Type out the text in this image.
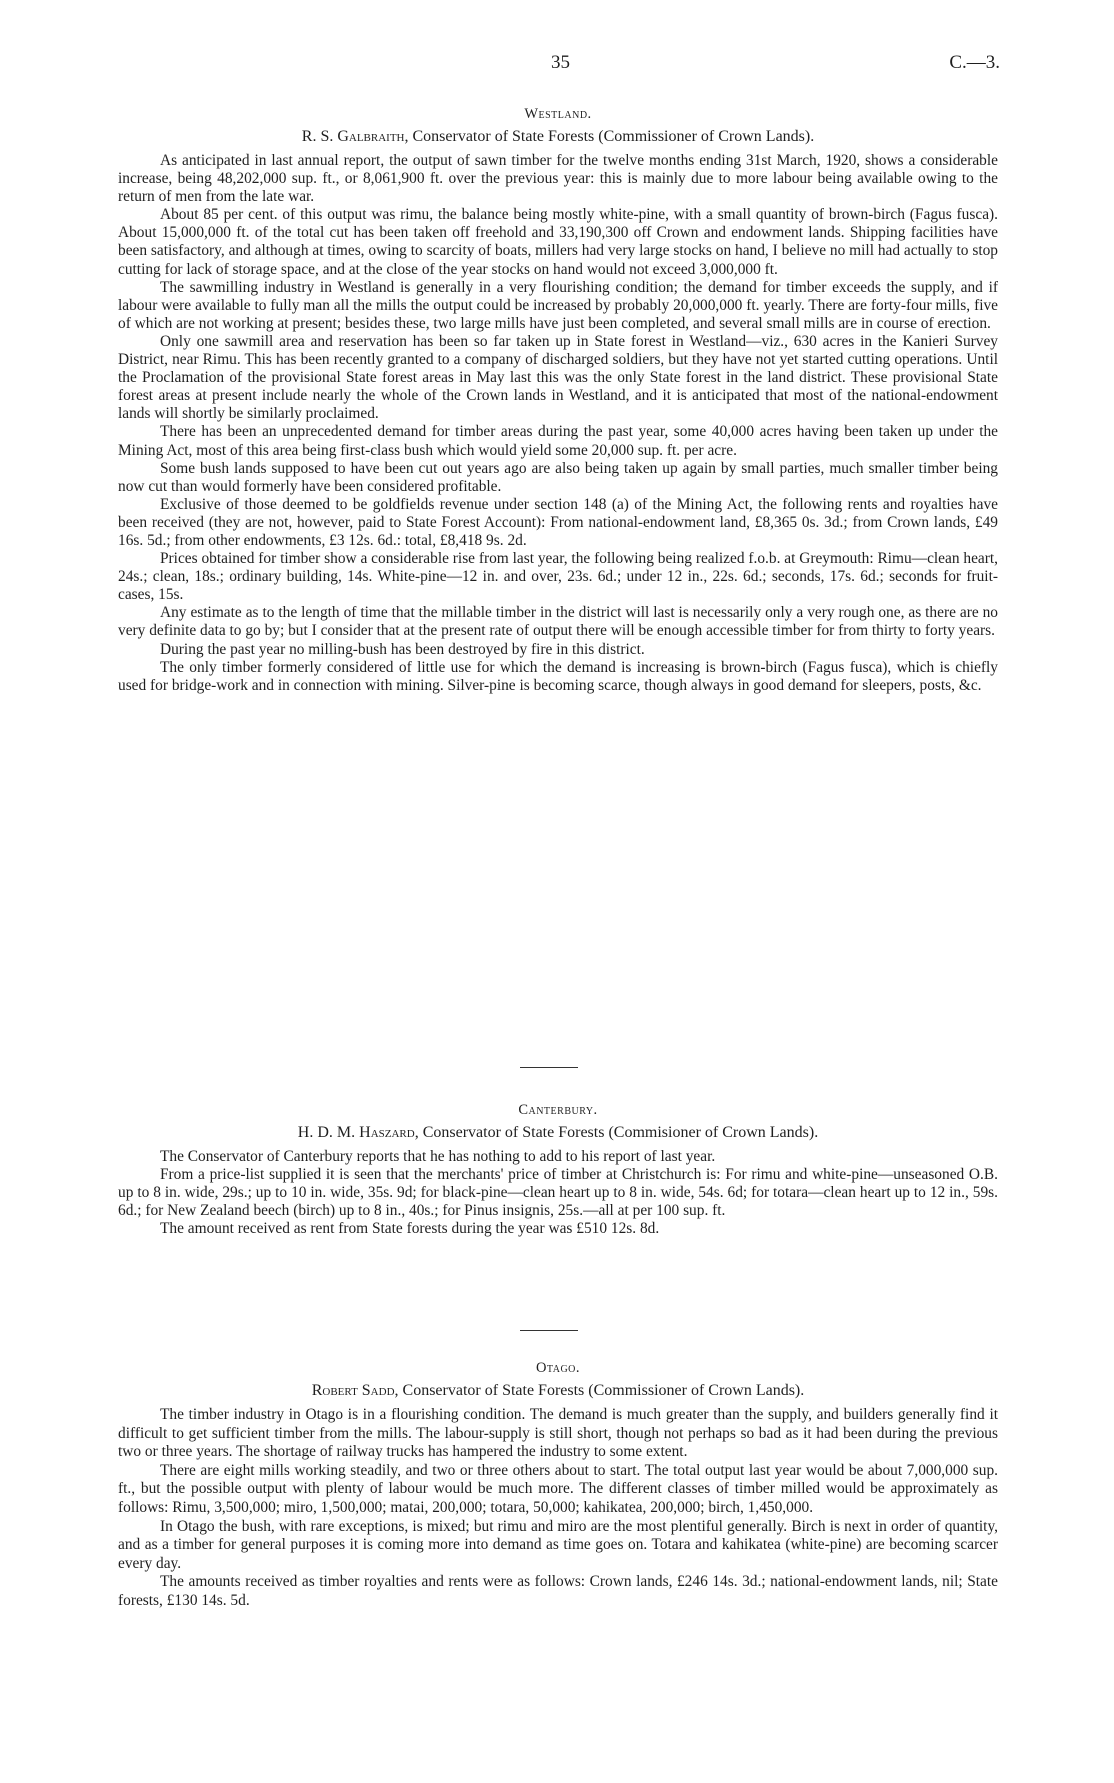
35	C.—3.
Westland.
R. S. Galbraith, Conservator of State Forests (Commissioner of Crown Lands).

As anticipated in last annual report, the output of sawn timber for the twelve months ending 31st March, 1920, shows a considerable increase, being 48,202,000 sup. ft., or 8,061,900 ft. over the previous year: this is mainly due to more labour being available owing to the return of men from the late war.

About 85 per cent. of this output was rimu, the balance being mostly white-pine, with a small quantity of brown-birch (Fagus fusca). About 15,000,000 ft. of the total cut has been taken off freehold and 33,190,300 off Crown and endowment lands. Shipping facilities have been satisfactory, and although at times, owing to scarcity of boats, millers had very large stocks on hand, I believe no mill had actually to stop cutting for lack of storage space, and at the close of the year stocks on hand would not exceed 3,000,000 ft.

The sawmilling industry in Westland is generally in a very flourishing condition; the demand for timber exceeds the supply, and if labour were available to fully man all the mills the output could be increased by probably 20,000,000 ft. yearly. There are forty-four mills, five of which are not working at present; besides these, two large mills have just been completed, and several small mills are in course of erection.

Only one sawmill area and reservation has been so far taken up in State forest in Westland—viz., 630 acres in the Kanieri Survey District, near Rimu. This has been recently granted to a company of discharged soldiers, but they have not yet started cutting operations. Until the Proclamation of the provisional State forest areas in May last this was the only State forest in the land district. These provisional State forest areas at present include nearly the whole of the Crown lands in Westland, and it is anticipated that most of the national-endowment lands will shortly be similarly proclaimed.

There has been an unprecedented demand for timber areas during the past year, some 40,000 acres having been taken up under the Mining Act, most of this area being first-class bush which would yield some 20,000 sup. ft. per acre.

Some bush lands supposed to have been cut out years ago are also being taken up again by small parties, much smaller timber being now cut than would formerly have been considered profitable.

Exclusive of those deemed to be goldfields revenue under section 148 (a) of the Mining Act, the following rents and royalties have been received (they are not, however, paid to State Forest Account): From national-endowment land, £8,365 0s. 3d.; from Crown lands, £49 16s. 5d.; from other endowments, £3 12s. 6d.: total, £8,418 9s. 2d.

Prices obtained for timber show a considerable rise from last year, the following being realized f.o.b. at Greymouth: Rimu—clean heart, 24s.; clean, 18s.; ordinary building, 14s. White-pine—12 in. and over, 23s. 6d.; under 12 in., 22s. 6d.; seconds, 17s. 6d.; seconds for fruit-cases, 15s.

Any estimate as to the length of time that the millable timber in the district will last is necessarily only a very rough one, as there are no very definite data to go by; but I consider that at the present rate of output there will be enough accessible timber for from thirty to forty years.

During the past year no milling-bush has been destroyed by fire in this district.

The only timber formerly considered of little use for which the demand is increasing is brown-birch (Fagus fusca), which is chiefly used for bridge-work and in connection with mining. Silver-pine is becoming scarce, though always in good demand for sleepers, posts, &c.

Canterbury.
H. D. M. Haszard, Conservator of State Forests (Commisioner of Crown Lands).

The Conservator of Canterbury reports that he has nothing to add to his report of last year.

From a price-list supplied it is seen that the merchants' price of timber at Christchurch is: For rimu and white-pine—unseasoned O.B. up to 8 in. wide, 29s.; up to 10 in. wide, 35s. 9d; for black-pine—clean heart up to 8 in. wide, 54s. 6d; for totara—clean heart up to 12 in., 59s. 6d.; for New Zealand beech (birch) up to 8 in., 40s.; for Pinus insignis, 25s.—all at per 100 sup. ft.

The amount received as rent from State forests during the year was £510 12s. 8d.

Otago.
Robert Sadd, Conservator of State Forests (Commissioner of Crown Lands).

The timber industry in Otago is in a flourishing condition. The demand is much greater than the supply, and builders generally find it difficult to get sufficient timber from the mills. The labour-supply is still short, though not perhaps so bad as it had been during the previous two or three years. The shortage of railway trucks has hampered the industry to some extent.

There are eight mills working steadily, and two or three others about to start. The total output last year would be about 7,000,000 sup. ft., but the possible output with plenty of labour would be much more. The different classes of timber milled would be approximately as follows: Rimu, 3,500,000; miro, 1,500,000; matai, 200,000; totara, 50,000; kahikatea, 200,000; birch, 1,450,000.

In Otago the bush, with rare exceptions, is mixed; but rimu and miro are the most plentiful generally. Birch is next in order of quantity, and as a timber for general purposes it is coming more into demand as time goes on. Totara and kahikatea (white-pine) are becoming scarcer every day.

The amounts received as timber royalties and rents were as follows: Crown lands, £246 14s. 3d.; national-endowment lands, nil; State forests, £130 14s. 5d.
